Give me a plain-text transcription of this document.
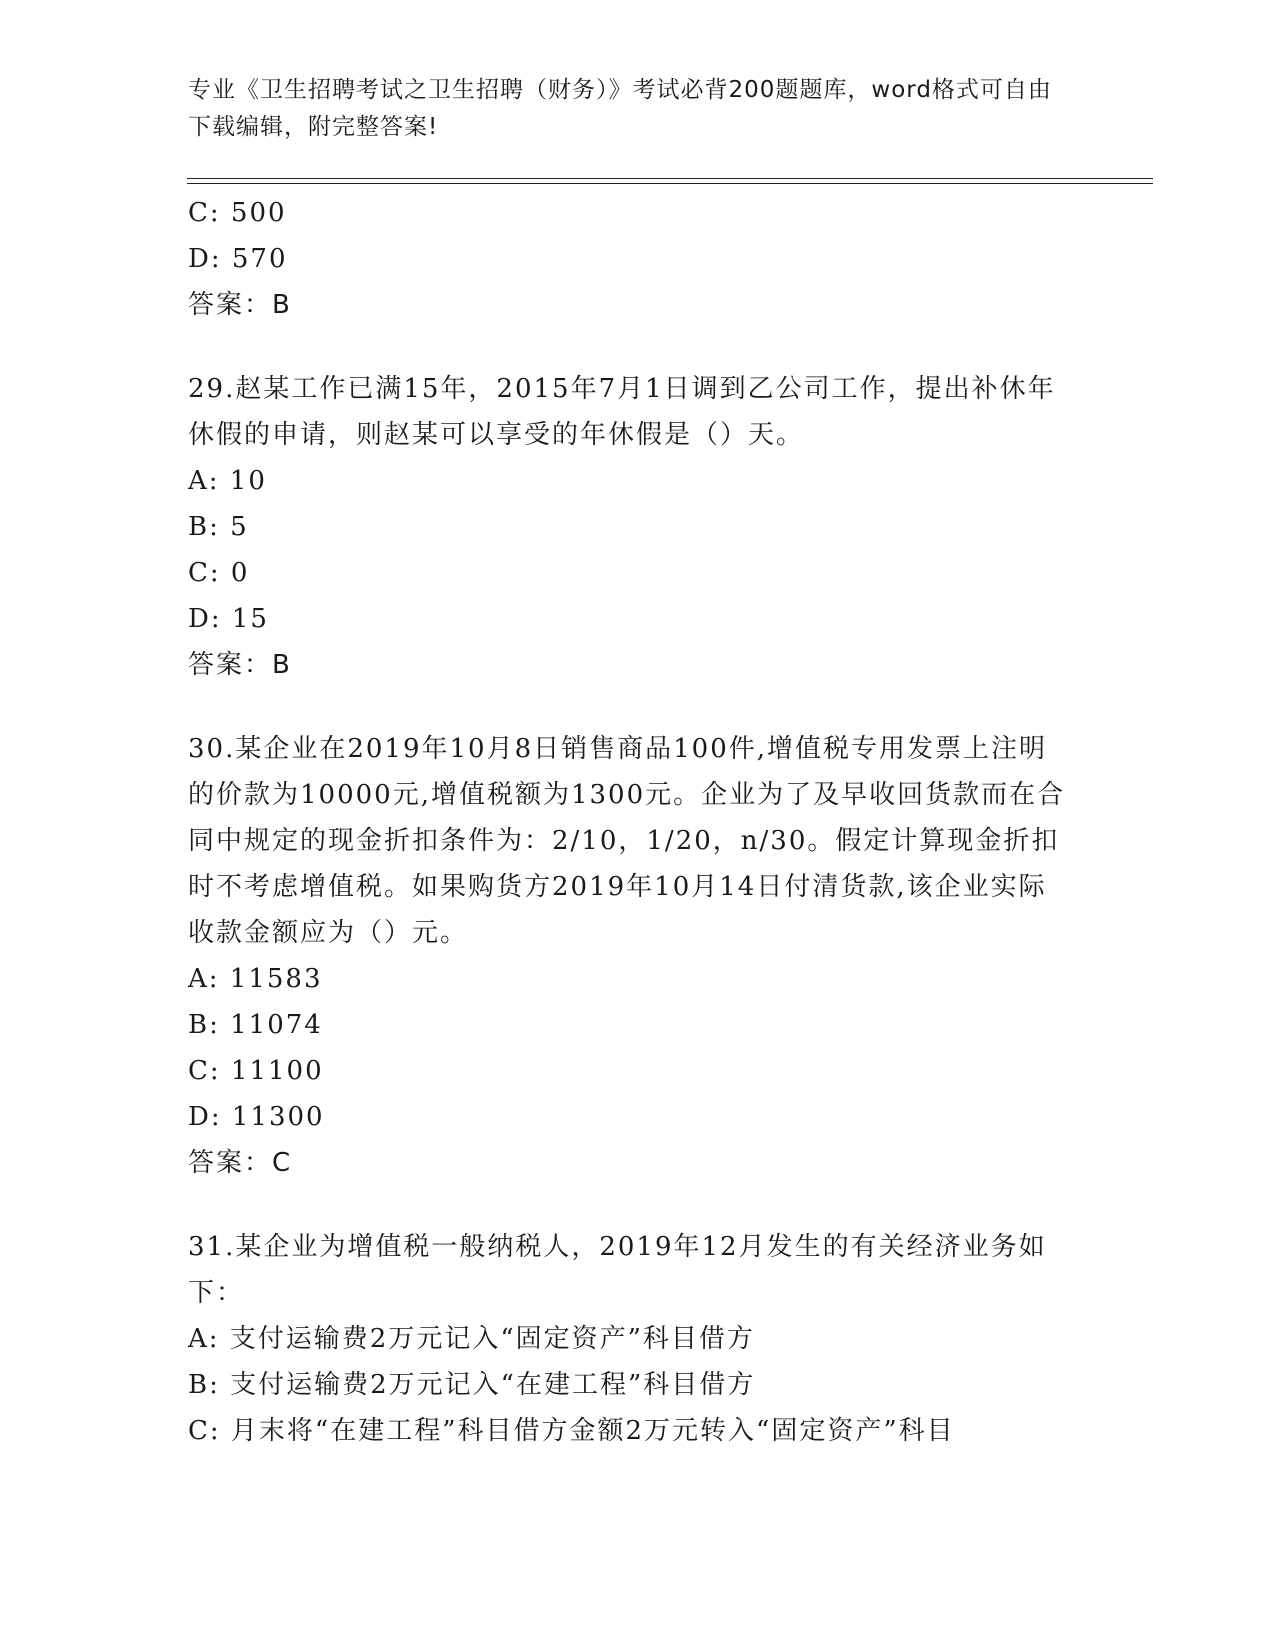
专业《卫生招聘考试之卫生招聘（财务）》考试必背200题题库，word格式可自由下载编辑，附完整答案!
C: 500
D: 570
答案：B
29.赵某工作已满15年，2015年7月1日调到乙公司工作，提出补休年休假的申请，则赵某可以享受的年休假是（）天。
A: 10
B: 5
C: 0
D: 15
答案：B
30.某企业在2019年10月8日销售商品100件,增值税专用发票上注明的价款为10000元,增值税额为1300元。企业为了及早收回货款而在合同中规定的现金折扣条件为：2/10，1/20，n/30。假定计算现金折扣时不考虑增值税。如果购货方2019年10月14日付清货款,该企业实际收款金额应为（）元。
A: 11583
B: 11074
C: 11100
D: 11300
答案：C
31.某企业为增值税一般纳税人，2019年12月发生的有关经济业务如下：
A: 支付运输费2万元记入“固定资产”科目借方
B: 支付运输费2万元记入“在建工程”科目借方
C: 月末将“在建工程”科目借方金额2万元转入“固定资产”科目
